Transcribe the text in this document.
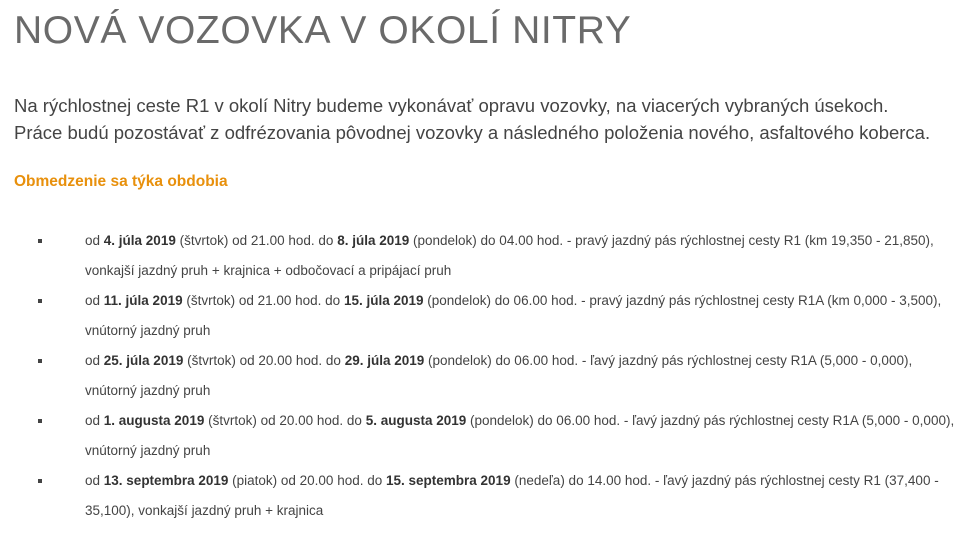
NOVÁ VOZOVKA V OKOLÍ NITRY

Na rýchlostnej ceste R1 v okolí Nitry budeme vykonávať opravu vozovky, na viacerých vybraných úsekoch. Práce budú pozostávať z odfrézovania pôvodnej vozovky a následného položenia nového, asfaltového koberca.

Obmedzenie sa týka obdobia
od 4. júla 2019 (štvrtok) od 21.00 hod. do 8. júla 2019 (pondelok) do 04.00 hod. - pravý jazdný pás rýchlostnej cesty R1 (km 19,350 - 21,850), vonkajší jazdný pruh + krajnica + odbočovací a pripájací pruh
od 11. júla 2019 (štvrtok) od 21.00 hod. do 15. júla 2019 (pondelok) do 06.00 hod. - pravý jazdný pás rýchlostnej cesty R1A (km 0,000 - 3,500), vnútorný jazdný pruh
od 25. júla 2019 (štvrtok) od 20.00 hod. do 29. júla 2019 (pondelok) do 06.00 hod. - ľavý jazdný pás rýchlostnej cesty R1A (5,000 - 0,000), vnútorný jazdný pruh
od 1. augusta 2019 (štvrtok) od 20.00 hod. do 5. augusta 2019 (pondelok) do 06.00 hod. - ľavý jazdný pás rýchlostnej cesty R1A (5,000 - 0,000), vnútorný jazdný pruh
od 13. septembra 2019 (piatok) od 20.00 hod. do 15. septembra 2019 (nedeľa) do 14.00 hod. - ľavý jazdný pás rýchlostnej cesty R1 (37,400 - 35,100), vonkajší jazdný pruh + krajnica
